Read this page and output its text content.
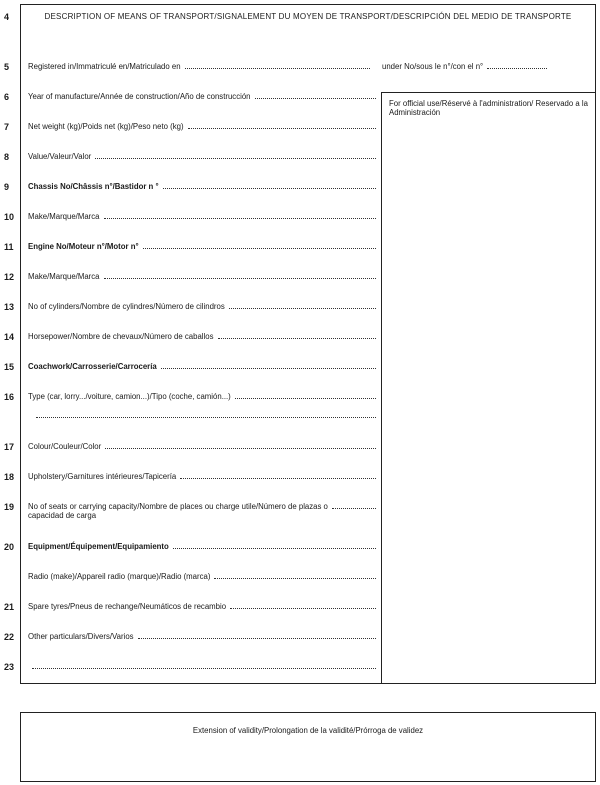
4	DESCRIPTION OF MEANS OF TRANSPORT/SIGNALEMENT DU MOYEN DE TRANSPORT/DESCRIPCIÓN DEL MEDIO DE TRANSPORTE
For official use/Réservé à l'administration/ Reservado a la Administración
under No/sous le n°/con el n°
5 Registered in/Immatriculé en/Matriculado en
6 Year of manufacture/Année de construction/Año de construcción
7 Net weight (kg)/Poids net (kg)/Peso neto (kg)
8 Value/Valeur/Valor
9 Chassis No/Châssis n°/Bastidor n °
10 Make/Marque/Marca
11 Engine No/Moteur n°/Motor n°
12 Make/Marque/Marca
13 No of cylinders/Nombre de cylindres/Número de cilindros
14 Horsepower/Nombre de chevaux/Número de caballos
15 Coachwork/Carrosserie/Carrocería
16 Type (car, lorry.../voiture, camion...)/Tipo (coche, camión...)
17 Colour/Couleur/Color
18 Upholstery/Garnitures intérieures/Tapicería
19 No of seats or carrying capacity/Nombre de places ou charge utile/Número de plazas o
capacidad de carga
20 Equipment/Équipement/Equipamiento
Radio (make)/Appareil radio (marque)/Radio (marca)
21 Spare tyres/Pneus de rechange/Neumáticos de recambio
22 Other particulars/Divers/Varios
23
Extension of validity/Prolongation de la validité/Prórroga de validez
